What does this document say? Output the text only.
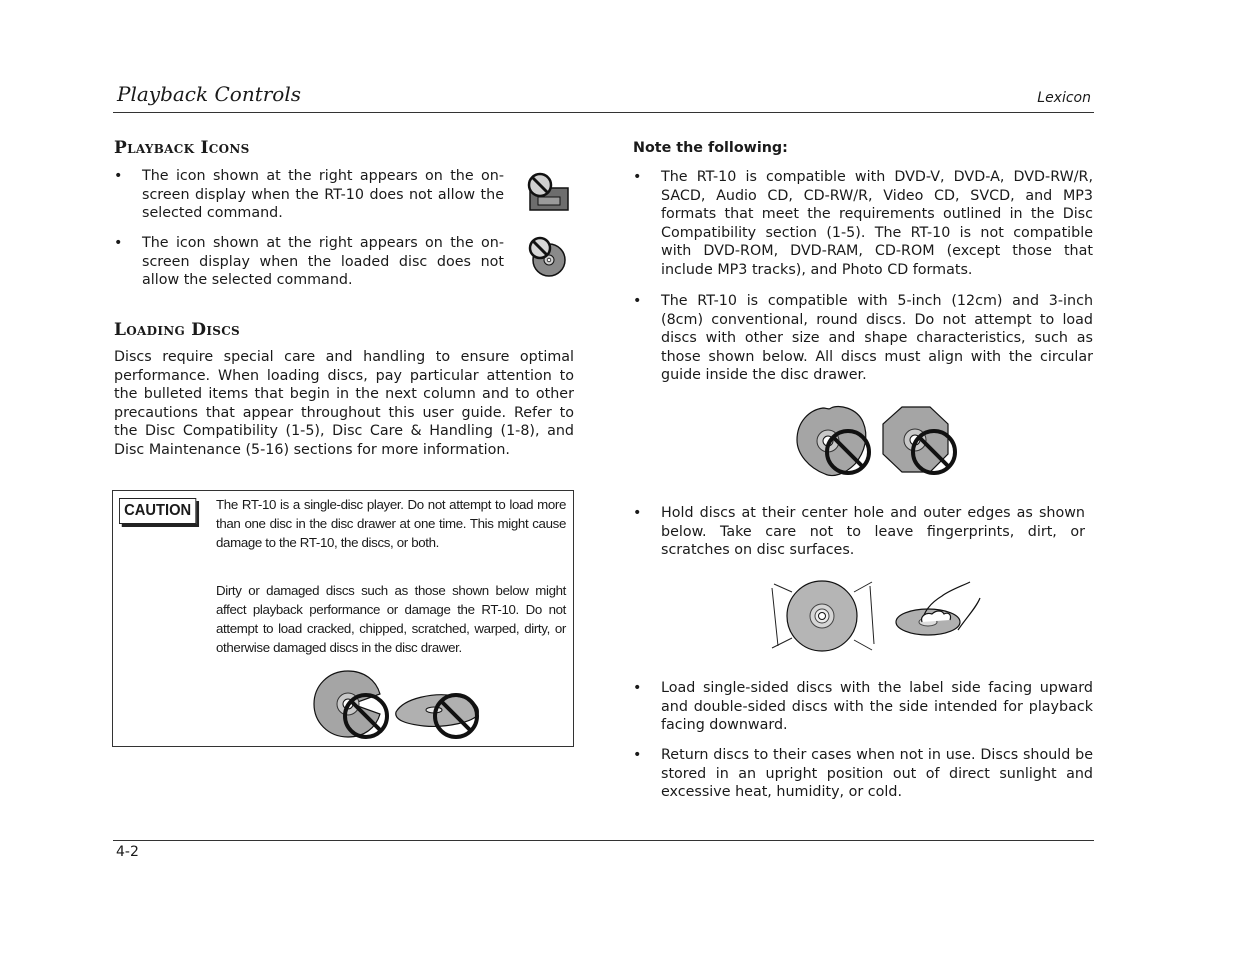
Playback Controls	Lexicon
Playback Icons
• The icon shown at the right appears on the on-screen display when the RT-10 does not allow the selected command.
• The icon shown at the right appears on the on-screen display when the loaded disc does not allow the selected command.
Loading Discs

Discs require special care and handling to ensure optimal performance. When loading discs, pay particular attention to the bulleted items that begin in the next column and to other precautions that appear throughout this user guide. Refer to the Disc Compatibility (1-5), Disc Care & Handling (1-8), and Disc Maintenance (5-16) sections for more information.

CAUTION	The RT-10 is a single-disc player. Do not attempt to load more than one disc in the disc drawer at one time. This might cause damage to the RT-10, the discs, or both.
Dirty or damaged discs such as those shown below might affect playback performance or damage the RT-10. Do not attempt to load cracked, chipped, scratched, warped, dirty, or otherwise damaged discs in the disc drawer.
Note the following:
• The RT-10 is compatible with DVD-V, DVD-A, DVD-RW/R, SACD, Audio CD, CD-RW/R, Video CD, SVCD, and MP3 formats that meet the requirements outlined in the Disc Compatibility section (1-5). The RT-10 is not compatible with DVD-ROM, DVD-RAM, CD-ROM (except those that include MP3 tracks), and Photo CD formats.
• The RT-10 is compatible with 5-inch (12cm) and 3-inch (8cm) conventional, round discs. Do not attempt to load discs with other size and shape characteristics, such as those shown below. All discs must align with the circular guide inside the disc drawer.
• Hold discs at their center hole and outer edges as shown below. Take care not to leave fingerprints, dirt, or scratches on disc surfaces.
• Load single-sided discs with the label side facing upward and double-sided discs with the side intended for playback facing downward.
• Return discs to their cases when not in use. Discs should be stored in an upright position out of direct sunlight and excessive heat, humidity, or cold.
4-2
